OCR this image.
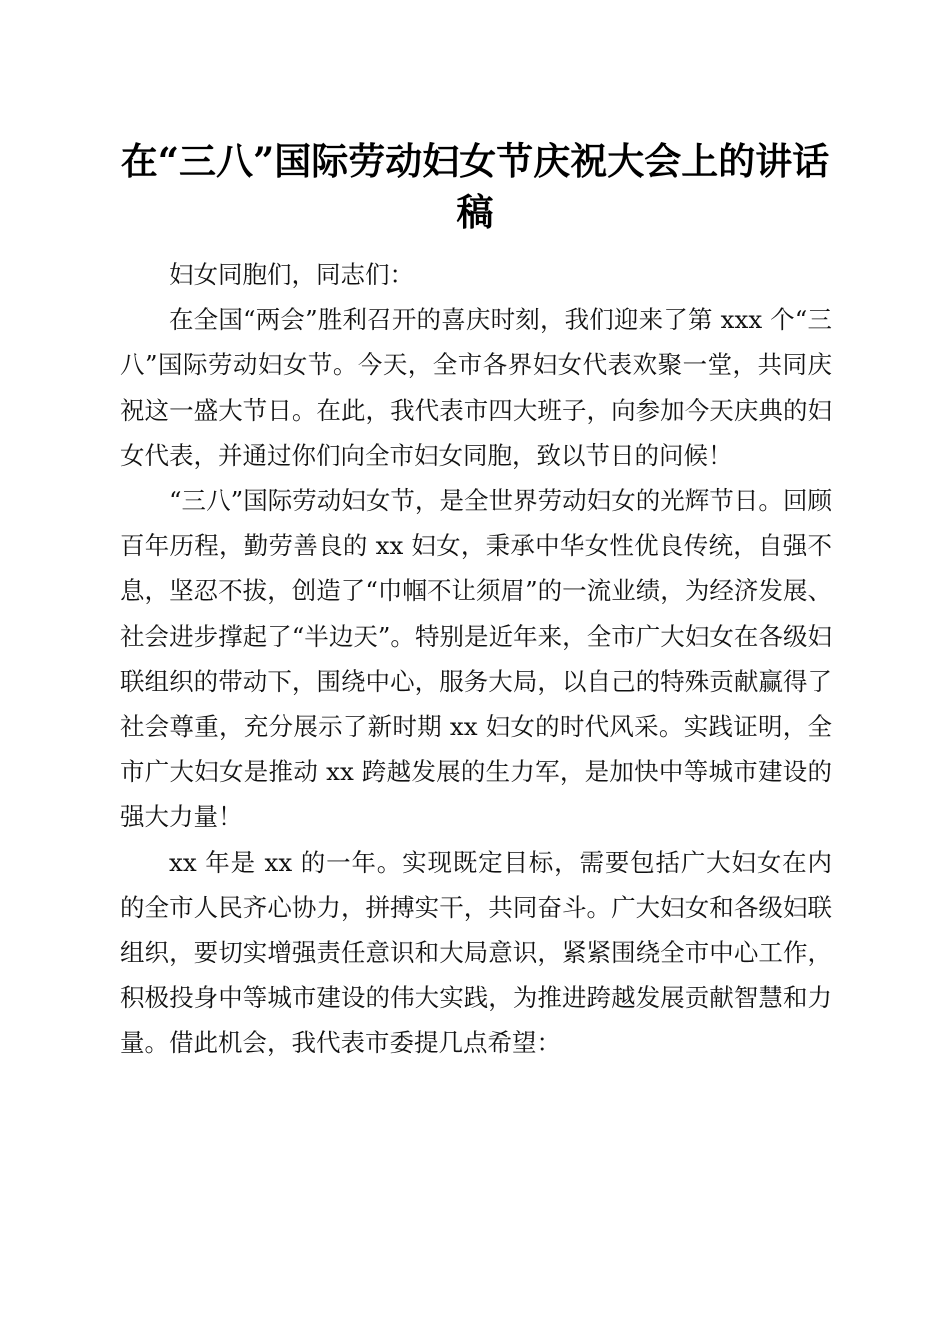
在“三八”国际劳动妇女节庆祝大会上的讲话稿

妇女同胞们，同志们：

在全国“两会”胜利召开的喜庆时刻，我们迎来了第 xxx 个“三八”国际劳动妇女节。今天，全市各界妇女代表欢聚一堂，共同庆祝这一盛大节日。在此，我代表市四大班子，向参加今天庆典的妇女代表，并通过你们向全市妇女同胞，致以节日的问候！

“三八”国际劳动妇女节，是全世界劳动妇女的光辉节日。回顾百年历程，勤劳善良的 xx 妇女，秉承中华女性优良传统，自强不息，坚忍不拔，创造了“巾帼不让须眉”的一流业绩，为经济发展、社会进步撑起了“半边天”。特别是近年来，全市广大妇女在各级妇联组织的带动下，围绕中心，服务大局，以自己的特殊贡献赢得了社会尊重，充分展示了新时期 xx 妇女的时代风采。实践证明，全市广大妇女是推动 xx 跨越发展的生力军，是加快中等城市建设的强大力量！

xx 年是 xx 的一年。实现既定目标，需要包括广大妇女在内的全市人民齐心协力，拼搏实干，共同奋斗。广大妇女和各级妇联组织，要切实增强责任意识和大局意识，紧紧围绕全市中心工作，积极投身中等城市建设的伟大实践，为推进跨越发展贡献智慧和力量。借此机会，我代表市委提几点希望：
